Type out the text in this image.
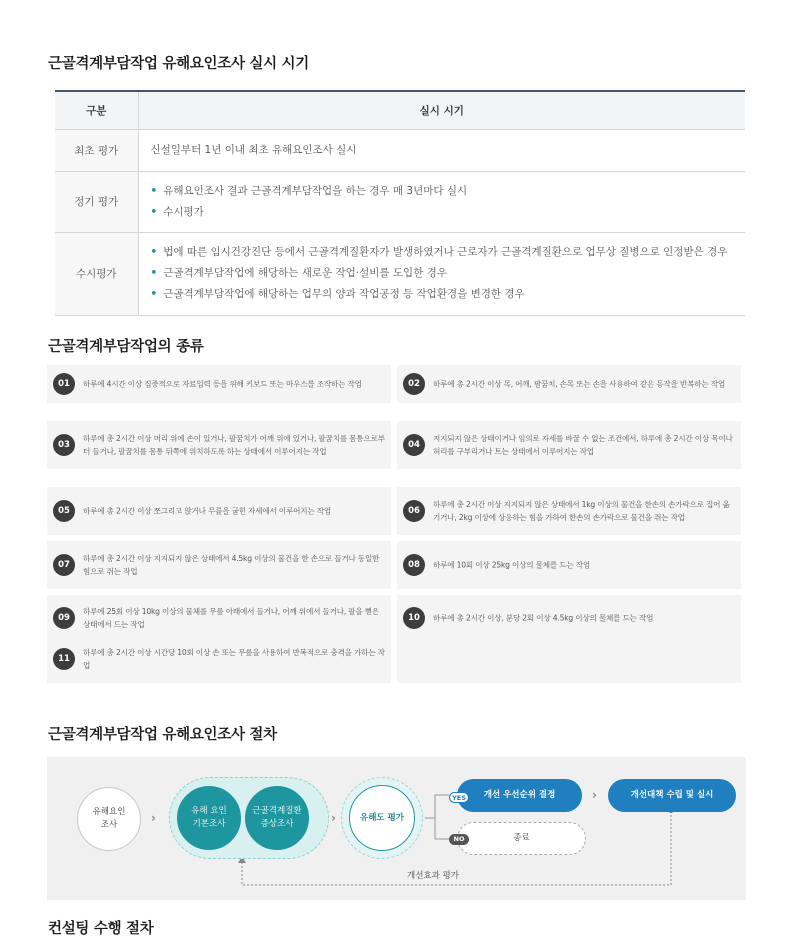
근골격계부담작업 유해요인조사 실시 시기
구분	실시 시기
최초 평가	신설일부터 1년 이내 최초 유해요인조사 실시

정기 평가	• 유해요인조사 결과 근골격계부담작업을 하는 경우 매 3년마다 실시
• 수시평가

수시평가	• 법에 따른 임시건강진단 등에서 근골격계질환자가 발생하였거나 근로자가 근골격계질환으로 업무상 질병으로 인정받은 경우
• 근골격계부담작업에 해당하는 새로운 작업·설비를 도입한 경우
• 근골격계부담작업에 해당하는 업무의 양과 작업공정 등 작업환경을 변경한 경우
근골격계부담작업의 종류
01	하루에 4시간 이상 집중적으로 자료입력 등을 위해 키보드 또는 마우스를 조작하는 작업	02	하루에 총 2시간 이상 목, 어깨, 팔꿈치, 손목 또는 손을 사용하여 같은 동작을 반복하는 작업
03
하루에 총 2시간 이상 머리 위에 손이 있거나, 팔꿈치가 어깨 위에 있거나, 팔꿈치를 몸통으로부터 들거나, 팔꿈치를 몸통 뒤쪽에 위치하도록 하는 상태에서 이루어지는 작업
04
지지되지 않은 상태이거나 임의로 자세를 바꿀 수 없는 조건에서, 하루에 총 2시간 이상 목이나 허리를 구부리거나 트는 상태에서 이루어지는 작업
05	하루에 총 2시간 이상 쪼그리고 앉거나 무릎을 굽힌 자세에서 이루어지는 작업	06
하루에 총 2시간 이상 지지되지 않은 상태에서 1kg 이상의 물건을 한손의 손가락으로 집어 옮기거나, 2kg 이상에 상응하는 힘을 가하여 한손의 손가락으로 물건을 쥐는 작업
07
하루에 총 2시간 이상 지지되지 않은 상태에서 4.5kg 이상의 물건을 한 손으로 들거나 동일한 힘으로 쥐는 작업
08	하루에 10회 이상 25kg 이상의 물체를 드는 작업
09
하루에 25회 이상 10kg 이상의 물체를 무릎 아래에서 들거나, 어깨 위에서 들거나, 팔을 뻗은 상태에서 드는 작업
10	하루에 총 2시간 이상, 분당 2회 이상 4.5kg 이상의 물체를 드는 작업
11
하루에 총 2시간 이상 시간당 10회 이상 손 또는 무릎을 사용하여 반복적으로 충격을 가하는 작업
근골격계부담작업 유해요인조사 절차
유해요인
조사	›	유해 요인
기본조사
근골격계질환
증상조사	›	유해도 평가
개선 우선순위 결정
YES
종료
NO
›	개선대책 수립 및 실시
개선효과 평가
컨설팅 수행 절차
